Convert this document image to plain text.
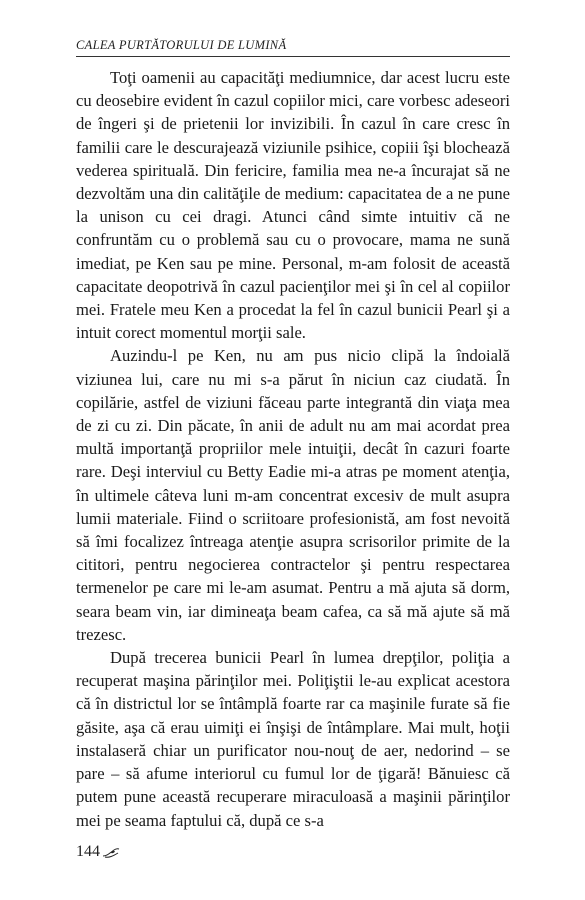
CALEA PURTĂTORULUI DE LUMINĂ

Toţi oamenii au capacităţi mediumnice, dar acest lucru este cu deosebire evident în cazul copiilor mici, care vorbesc adeseori de îngeri şi de prietenii lor invizibili. În cazul în care cresc în familii care le descurajează viziunile psihice, copiii îşi blochează vederea spirituală. Din fericire, familia mea ne-a încurajat să ne dezvoltăm una din calităţile de medium: capacitatea de a ne pune la unison cu cei dragi. Atunci când simte intuitiv că ne confruntăm cu o problemă sau cu o provocare, mama ne sună imediat, pe Ken sau pe mine. Personal, m-am folosit de această capacitate deopotrivă în cazul pacienţilor mei şi în cel al copiilor mei. Fratele meu Ken a procedat la fel în cazul bunicii Pearl şi a intuit corect momentul morţii sale.

Auzindu-l pe Ken, nu am pus nicio clipă la îndoială viziunea lui, care nu mi s-a părut în niciun caz ciudată. În copilărie, astfel de viziuni făceau parte integrantă din viaţa mea de zi cu zi. Din păcate, în anii de adult nu am mai acordat prea multă importanţă propriilor mele intuiţii, decât în cazuri foarte rare. Deşi interviul cu Betty Eadie mi-a atras pe moment atenţia, în ultimele câteva luni m-am concentrat excesiv de mult asupra lumii materiale. Fiind o scriitoare profesionistă, am fost nevoită să îmi focalizez întreaga atenţie asupra scrisorilor primite de la cititori, pentru negocierea contractelor şi pentru respectarea termenelor pe care mi le-am asumat. Pentru a mă ajuta să dorm, seara beam vin, iar dimineaţa beam cafea, ca să mă ajute să mă trezesc.

După trecerea bunicii Pearl în lumea drepţilor, poliţia a recuperat maşina părinţilor mei. Poliţiştii le-au explicat acestora că în districtul lor se întâmplă foarte rar ca maşinile furate să fie găsite, aşa că erau uimiţi ei înşişi de întâmplare. Mai mult, hoţii instalaseră chiar un purificator nou-nouţ de aer, nedorind – se pare – să afume interiorul cu fumul lor de ţigară! Bănuiesc că putem pune această recuperare miraculoasă a maşinii părinţilor mei pe seama faptului că, după ce s-a

144
